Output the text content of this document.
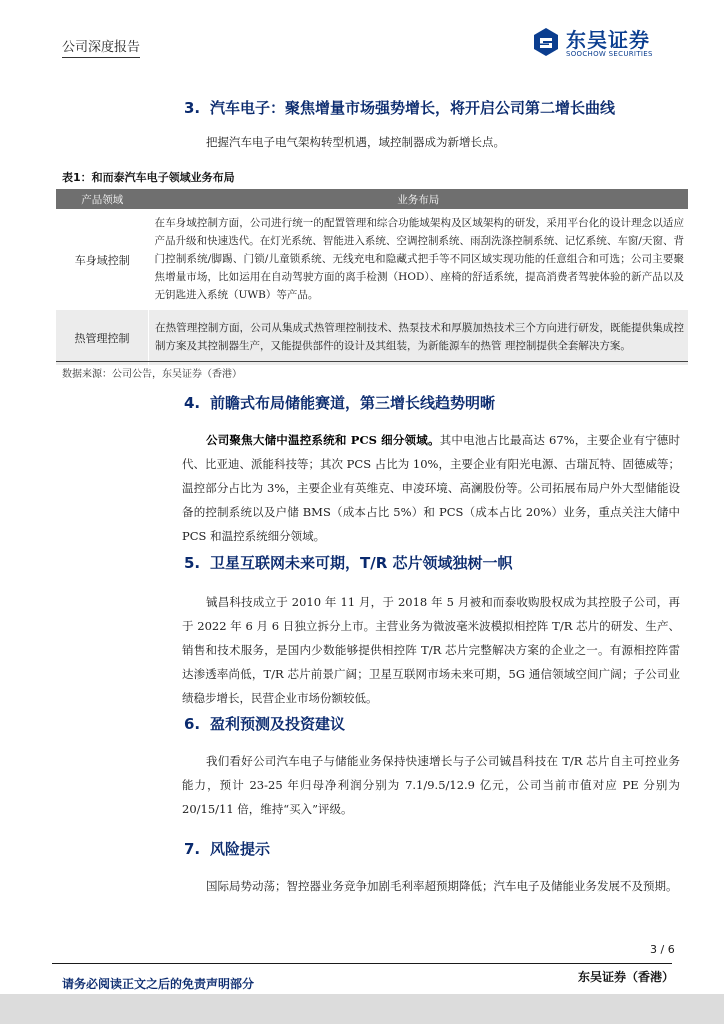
公司深度报告	东吴证券
SOOCHOW SECURITIES
3. 汽车电子：聚焦增量市场强势增长，将开启公司第二增长曲线
把握汽车电子电气架构转型机遇，域控制器成为新增长点。
表1：和而泰汽车电子领域业务布局
产品领域	业务布局
车身域控制	在车身域控制方面，公司进行统一的配置管理和综合功能域架构及区域架构的研发，采用平台化的设计理念以适应产品升级和快速迭代。在灯光系统、智能进入系统、空调控制系统、雨刮洗涤控制系统、记忆系统、车窗/天窗、背门控制系统/脚踢、门锁/儿童锁系统、无线充电和隐藏式把手等不同区域实现功能的任意组合和可选；公司主要聚焦增量市场，比如运用在自动驾驶方面的离手检测（HOD）、座椅的舒适系统，提高消费者驾驶体验的新产品以及无钥匙进入系统（UWB）等产品。
热管理控制	在热管理控制方面，公司从集成式热管理控制技术、热泵技术和厚膜加热技术三个方向进行研发，既能提供集成控制方案及其控制器生产，又能提供部件的设计及其组装，为新能源车的热管 理控制提供全套解决方案。
数据来源：公司公告，东吴证券（香港）
4. 前瞻式布局储能赛道，第三增长线趋势明晰
公司聚焦大储中温控系统和 PCS 细分领域。其中电池占比最高达 67%，主要企业有宁德时代、比亚迪、派能科技等；其次 PCS 占比为 10%，主要企业有阳光电源、古瑞瓦特、固德威等；温控部分占比为 3%，主要企业有英维克、申凌环境、高澜股份等。公司拓展布局户外大型储能设备的控制系统以及户储 BMS（成本占比 5%）和 PCS（成本占比 20%）业务，重点关注大储中 PCS 和温控系统细分领域。
5. 卫星互联网未来可期，T/R 芯片领域独树一帜
铖昌科技成立于 2010 年 11 月，于 2018 年 5 月被和而泰收购股权成为其控股子公司，再于 2022 年 6 月 6 日独立拆分上市。主营业务为微波毫米波模拟相控阵 T/R 芯片的研发、生产、销售和技术服务，是国内少数能够提供相控阵 T/R 芯片完整解决方案的企业之一。有源相控阵雷达渗透率尚低，T/R 芯片前景广阔；卫星互联网市场未来可期，5G 通信领域空间广阔；子公司业绩稳步增长，民营企业市场份额较低。
6. 盈利预测及投资建议
我们看好公司汽车电子与储能业务保持快速增长与子公司铖昌科技在 T/R 芯片自主可控业务能力，预计 23-25 年归母净利润分别为 7.1/9.5/12.9 亿元，公司当前市值对应 PE 分别为 20/15/11 倍，维持“买入”评级。
7. 风险提示
国际局势动荡；智控器业务竞争加剧毛利率超预期降低；汽车电子及储能业务发展不及预期。
3 / 6
请务必阅读正文之后的免责声明部分	东吴证券（香港）
